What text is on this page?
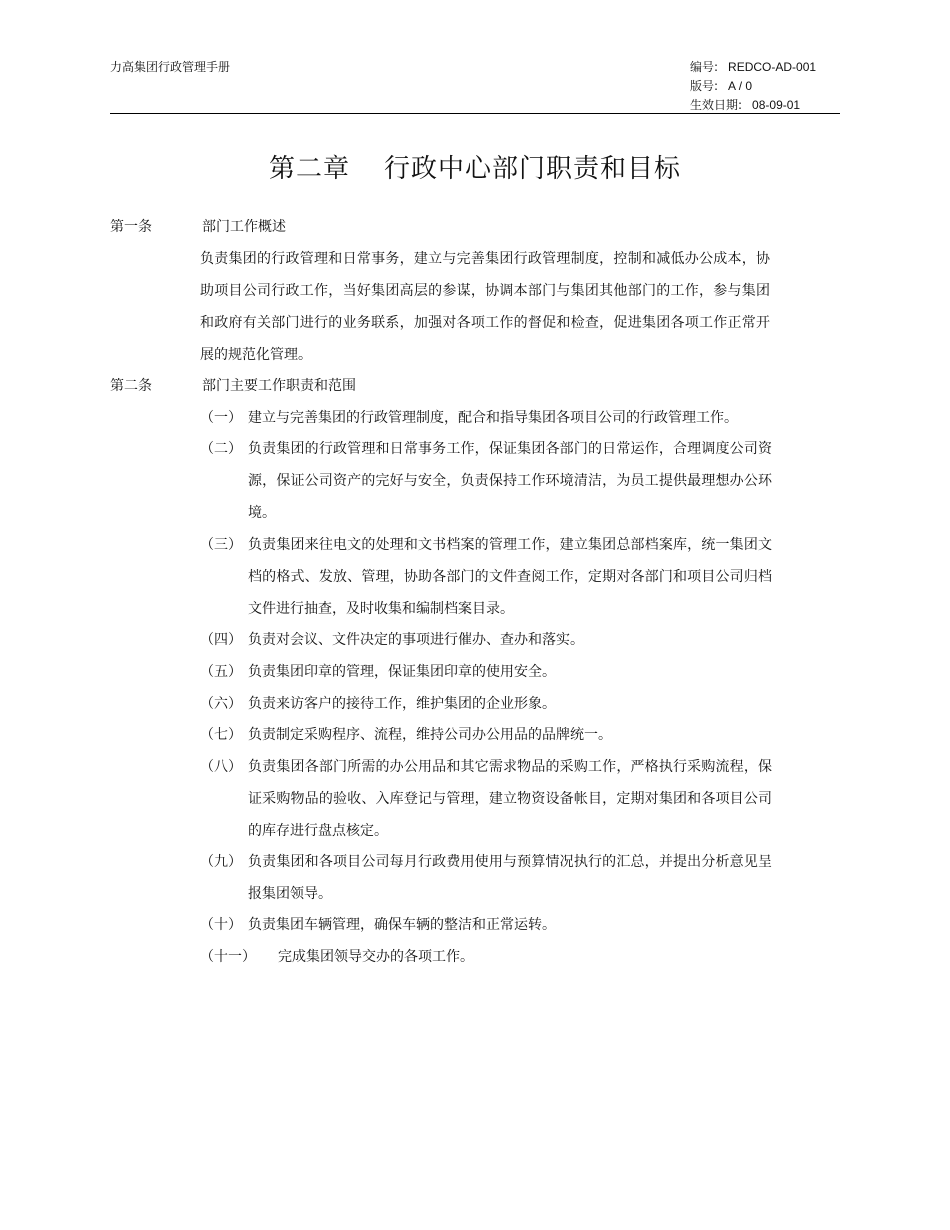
力高集团行政管理手册	编号: REDCO-AD-001
版号: A / 0
生效日期: 08-09-01
第二章 行政中心部门职责和目标
第一条	部门工作概述
负责集团的行政管理和日常事务，建立与完善集团行政管理制度，控制和减低办公成本，协助项目公司行政工作，当好集团高层的参谋，协调本部门与集团其他部门的工作，参与集团和政府有关部门进行的业务联系，加强对各项工作的督促和检查，促进集团各项工作正常开展的规范化管理。
第二条	部门主要工作职责和范围
（一） 建立与完善集团的行政管理制度，配合和指导集团各项目公司的行政管理工作。
（二） 负责集团的行政管理和日常事务工作，保证集团各部门的日常运作，合理调度公司资源，保证公司资产的完好与安全，负责保持工作环境清洁，为员工提供最理想办公环境。
（三） 负责集团来往电文的处理和文书档案的管理工作，建立集团总部档案库，统一集团文档的格式、发放、管理，协助各部门的文件查阅工作，定期对各部门和项目公司归档文件进行抽查，及时收集和编制档案目录。
（四） 负责对会议、文件决定的事项进行催办、查办和落实。
（五） 负责集团印章的管理，保证集团印章的使用安全。
（六） 负责来访客户的接待工作，维护集团的企业形象。
（七） 负责制定采购程序、流程，维持公司办公用品的品牌统一。
（八） 负责集团各部门所需的办公用品和其它需求物品的采购工作，严格执行采购流程，保证采购物品的验收、入库登记与管理，建立物资设备帐目，定期对集团和各项目公司的库存进行盘点核定。
（九） 负责集团和各项目公司每月行政费用使用与预算情况执行的汇总，并提出分析意见呈报集团领导。
（十） 负责集团车辆管理，确保车辆的整洁和正常运转。
（十一） 完成集团领导交办的各项工作。
